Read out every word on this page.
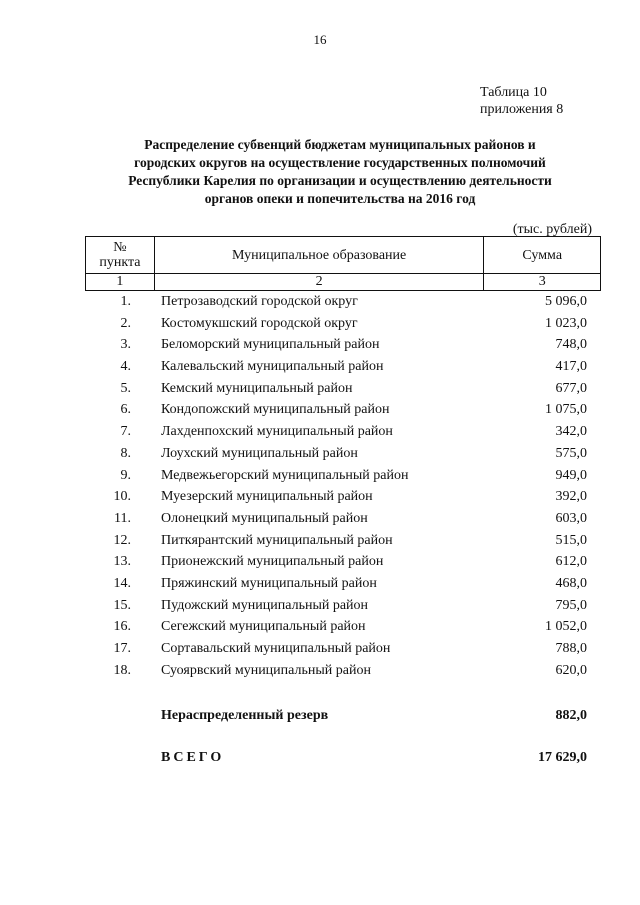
16
Таблица 10
приложения 8
Распределение субвенций бюджетам муниципальных районов и
городских округов на осуществление государственных полномочий
Республики Карелия по организации и осуществлению деятельности
органов опеки и попечительства на 2016 год
(тыс. рублей)
№
пункта	Муниципальное образование	Сумма
1	2	3
1. Петрозаводский городской округ	5 096,0
2. Костомукшский городской округ	1 023,0
3. Беломорский муниципальный район	748,0
4. Калевальский муниципальный район	417,0
5. Кемский муниципальный район	677,0
6. Кондопожский муниципальный район	1 075,0
7. Лахденпохский муниципальный район	342,0
8. Лоухский муниципальный район	575,0
9. Медвежьегорский муниципальный район	949,0
10. Муезерский муниципальный район	392,0
11. Олонецкий муниципальный район	603,0
12. Питкярантский муниципальный район	515,0
13. Прионежский муниципальный район	612,0
14. Пряжинский муниципальный район	468,0
15. Пудожский муниципальный район	795,0
16. Сегежский муниципальный район	1 052,0
17. Сортавальский муниципальный район	788,0
18. Суоярвский муниципальный район	620,0
Нераспределенный резерв	882,0
ВСЕГО	17 629,0
